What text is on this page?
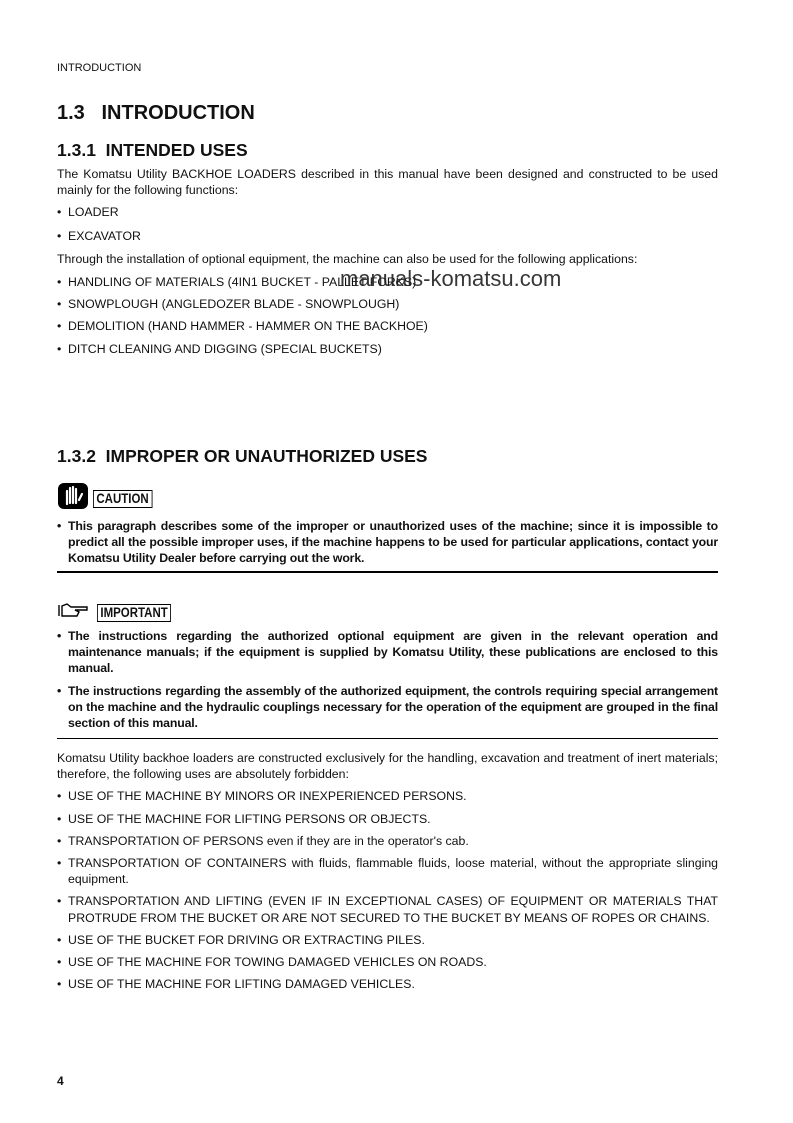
INTRODUCTION
1.3   INTRODUCTION
1.3.1  INTENDED USES
The Komatsu Utility BACKHOE LOADERS described in this manual have been designed and constructed to be used mainly for the following functions:
• LOADER
• EXCAVATOR
Through the installation of optional equipment, the machine can also be used for the following applications:
• HANDLING OF MATERIALS (4IN1 BUCKET - PALLET FORKS)
• SNOWPLOUGH (ANGLEDOZER BLADE - SNOWPLOUGH)
• DEMOLITION (HAND HAMMER - HAMMER ON THE BACKHOE)
• DITCH CLEANING AND DIGGING (SPECIAL BUCKETS)
manuals-komatsu.com
1.3.2  IMPROPER OR UNAUTHORIZED USES
CAUTION
• This paragraph describes some of the improper or unauthorized uses of the machine; since it is impossible to predict all the possible improper uses, if the machine happens to be used for particular applications, contact your Komatsu Utility Dealer before carrying out the work.
IMPORTANT
• The instructions regarding the authorized optional equipment are given in the relevant operation and maintenance manuals; if the equipment is supplied by Komatsu Utility, these publications are enclosed to this manual.
• The instructions regarding the assembly of the authorized equipment, the controls requiring special arrangement on the machine and the hydraulic couplings necessary for the operation of the equipment are grouped in the final section of this manual.
Komatsu Utility backhoe loaders are constructed exclusively for the handling, excavation and treatment of inert materials; therefore, the following uses are absolutely forbidden:
• USE OF THE MACHINE BY MINORS OR INEXPERIENCED PERSONS.
• USE OF THE MACHINE FOR LIFTING PERSONS OR OBJECTS.
• TRANSPORTATION OF PERSONS even if they are in the operator's cab.
• TRANSPORTATION OF CONTAINERS with fluids, flammable fluids, loose material, without the appropriate slinging equipment.
• TRANSPORTATION AND LIFTING (EVEN IF IN EXCEPTIONAL CASES) OF EQUIPMENT OR MATERIALS THAT PROTRUDE FROM THE BUCKET OR ARE NOT SECURED TO THE BUCKET BY MEANS OF ROPES OR CHAINS.
• USE OF THE BUCKET FOR DRIVING OR EXTRACTING PILES.
• USE OF THE MACHINE FOR TOWING DAMAGED VEHICLES ON ROADS.
• USE OF THE MACHINE FOR LIFTING DAMAGED VEHICLES.
4
